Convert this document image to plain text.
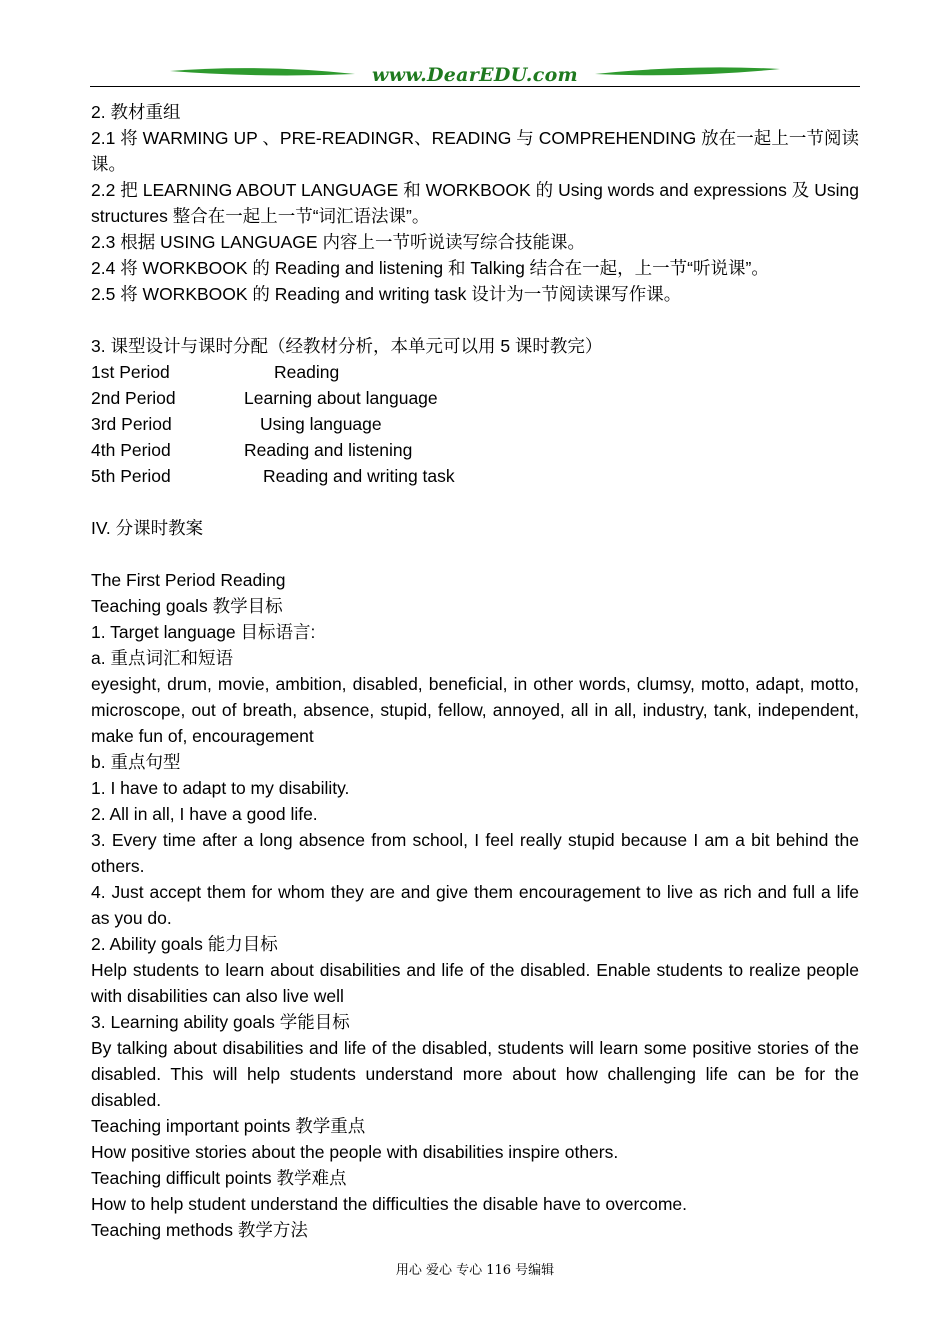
www.DearEDU.com
2. 教材重组
2.1 将 WARMING UP 、PRE-READINGR、READING 与 COMPREHENDING 放在一起上一节阅读课。
2.2 把 LEARNING ABOUT LANGUAGE 和 WORKBOOK 的 Using words and expressions 及 Using structures 整合在一起上一节“词汇语法课”。
2.3 根据 USING LANGUAGE 内容上一节听说读写综合技能课。
2.4 将 WORKBOOK 的 Reading and listening 和 Talking 结合在一起，上一节“听说课”。
2.5 将 WORKBOOK 的 Reading and writing task 设计为一节阅读课写作课。
3. 课型设计与课时分配（经教材分析，本单元可以用 5 课时教完）
1st Period	Reading
2nd Period	Learning about language
3rd Period	Using language
4th Period	Reading and listening
5th Period	Reading and writing task
IV. 分课时教案
The First Period Reading
Teaching goals 教学目标
1. Target language 目标语言:
a. 重点词汇和短语
eyesight, drum, movie, ambition, disabled, beneficial, in other words, clumsy, motto, adapt, motto, microscope, out of breath, absence, stupid, fellow, annoyed, all in all, industry, tank, independent, make fun of, encouragement
b. 重点句型
1. I have to adapt to my disability.
2. All in all, I have a good life.
3. Every time after a long absence from school, I feel really stupid because I am a bit behind the others.
4. Just accept them for whom they are and give them encouragement to live as rich and full a life as you do.
2. Ability goals 能力目标
Help students to learn about disabilities and life of the disabled. Enable students to realize people with disabilities can also live well
3. Learning ability goals 学能目标
By talking about disabilities and life of the disabled, students will learn some positive stories of the disabled. This will help students understand more about how challenging life can be for the disabled.
Teaching important points 教学重点
How positive stories about the people with disabilities inspire others.
Teaching difficult points 教学难点
How to help student understand the difficulties the disable have to overcome.
Teaching methods 教学方法
用心 爱心 专心 116 号编辑
